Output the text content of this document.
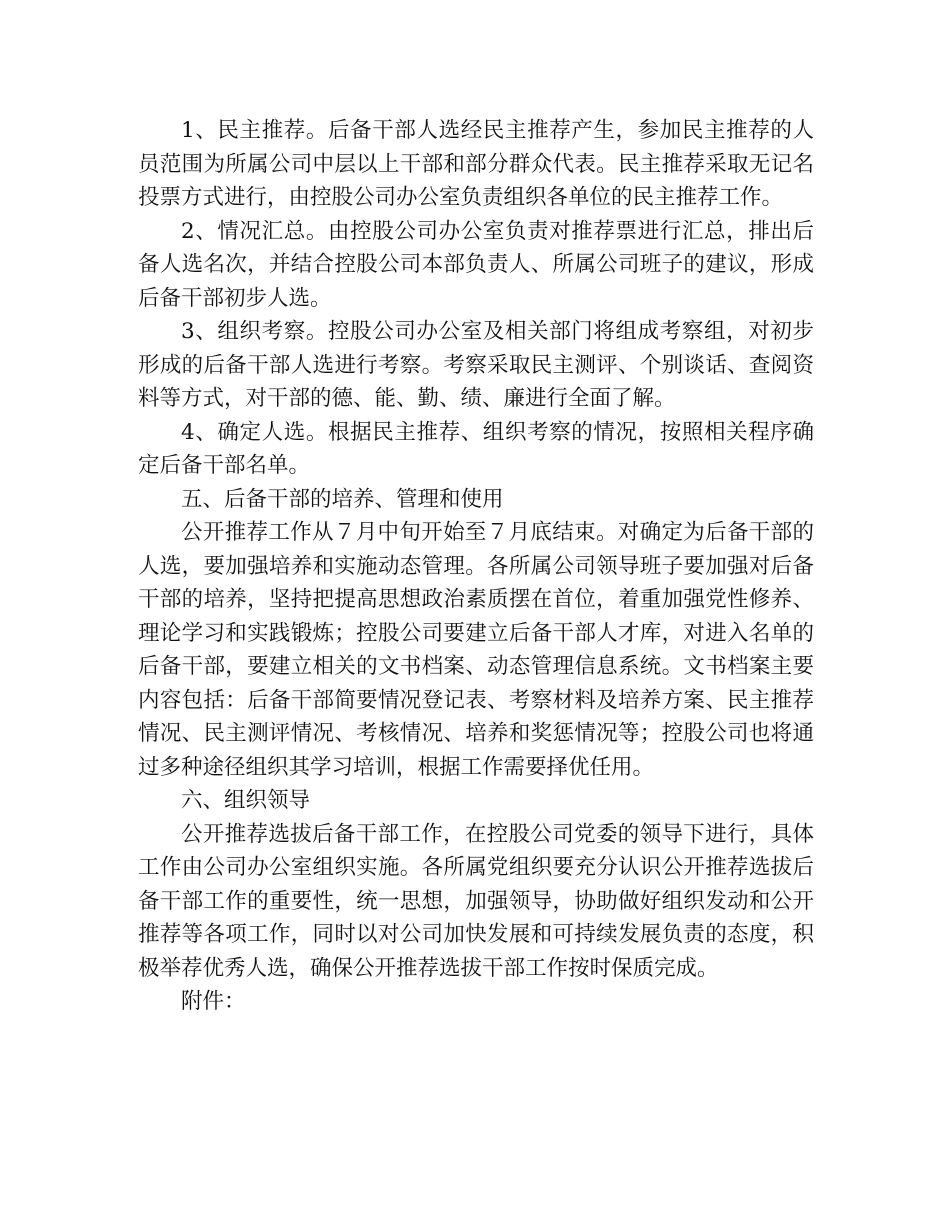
1、民主推荐。后备干部人选经民主推荐产生，参加民主推荐的人员范围为所属公司中层以上干部和部分群众代表。民主推荐采取无记名投票方式进行，由控股公司办公室负责组织各单位的民主推荐工作。

2、情况汇总。由控股公司办公室负责对推荐票进行汇总，排出后备人选名次，并结合控股公司本部负责人、所属公司班子的建议，形成后备干部初步人选。

3、组织考察。控股公司办公室及相关部门将组成考察组，对初步形成的后备干部人选进行考察。考察采取民主测评、个别谈话、查阅资料等方式，对干部的德、能、勤、绩、廉进行全面了解。

4、确定人选。根据民主推荐、组织考察的情况，按照相关程序确定后备干部名单。

五、后备干部的培养、管理和使用

公开推荐工作从７月中旬开始至７月底结束。对确定为后备干部的人选，要加强培养和实施动态管理。各所属公司领导班子要加强对后备干部的培养，坚持把提高思想政治素质摆在首位，着重加强党性修养、理论学习和实践锻炼；控股公司要建立后备干部人才库，对进入名单的后备干部，要建立相关的文书档案、动态管理信息系统。文书档案主要内容包括：后备干部简要情况登记表、考察材料及培养方案、民主推荐情况、民主测评情况、考核情况、培养和奖惩情况等；控股公司也将通过多种途径组织其学习培训，根据工作需要择优任用。

六、组织领导

公开推荐选拔后备干部工作，在控股公司党委的领导下进行，具体工作由公司办公室组织实施。各所属党组织要充分认识公开推荐选拔后备干部工作的重要性，统一思想，加强领导，协助做好组织发动和公开推荐等各项工作，同时以对公司加快发展和可持续发展负责的态度，积极举荐优秀人选，确保公开推荐选拔干部工作按时保质完成。

附件：
